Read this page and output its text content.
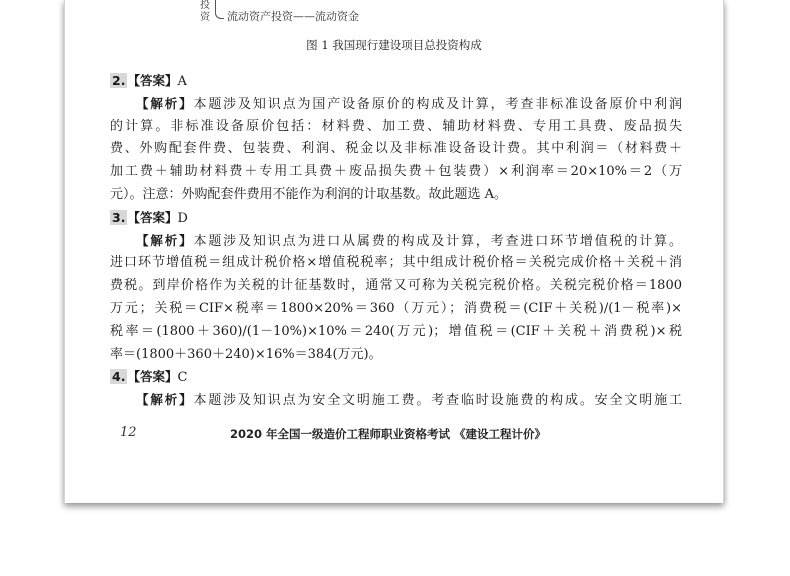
投资 流动资产投资——流动资金
图 1 我国现行建设项目总投资构成
2. 【答案】A
【解析】本题涉及知识点为国产设备原价的构成及计算，考查非标准设备原价中利润
的计算。非标准设备原价包括：材料费、加工费、辅助材料费、专用工具费、废品损失
费、外购配套件费、包装费、利润、税金以及非标准设备设计费。其中利润＝（材料费＋
加工费＋辅助材料费＋专用工具费＋废品损失费＋包装费）×利润率＝20×10%＝2（万
元）。注意：外购配套件费用不能作为利润的计取基数。故此题选 A。
3. 【答案】D
【解析】本题涉及知识点为进口从属费的构成及计算，考查进口环节增值税的计算。
进口环节增值税＝组成计税价格×增值税税率；其中组成计税价格＝关税完成价格＋关税＋消
费税。到岸价格作为关税的计征基数时，通常又可称为关税完税价格。关税完税价格＝1800
万元；关税＝CIF×税率＝1800×20%＝360（万元）；消费税＝(CIF＋关税)/(1－税率)×
税率＝(1800＋360)/(1－10%)×10%＝240(万元)；增值税＝(CIF＋关税＋消费税)×税
率＝(1800＋360＋240)×16%＝384(万元)。
4. 【答案】C
【解析】本题涉及知识点为安全文明施工费。考查临时设施费的构成。安全文明施工
12	2020 年全国一级造价工程师职业资格考试 《建设工程计价》
